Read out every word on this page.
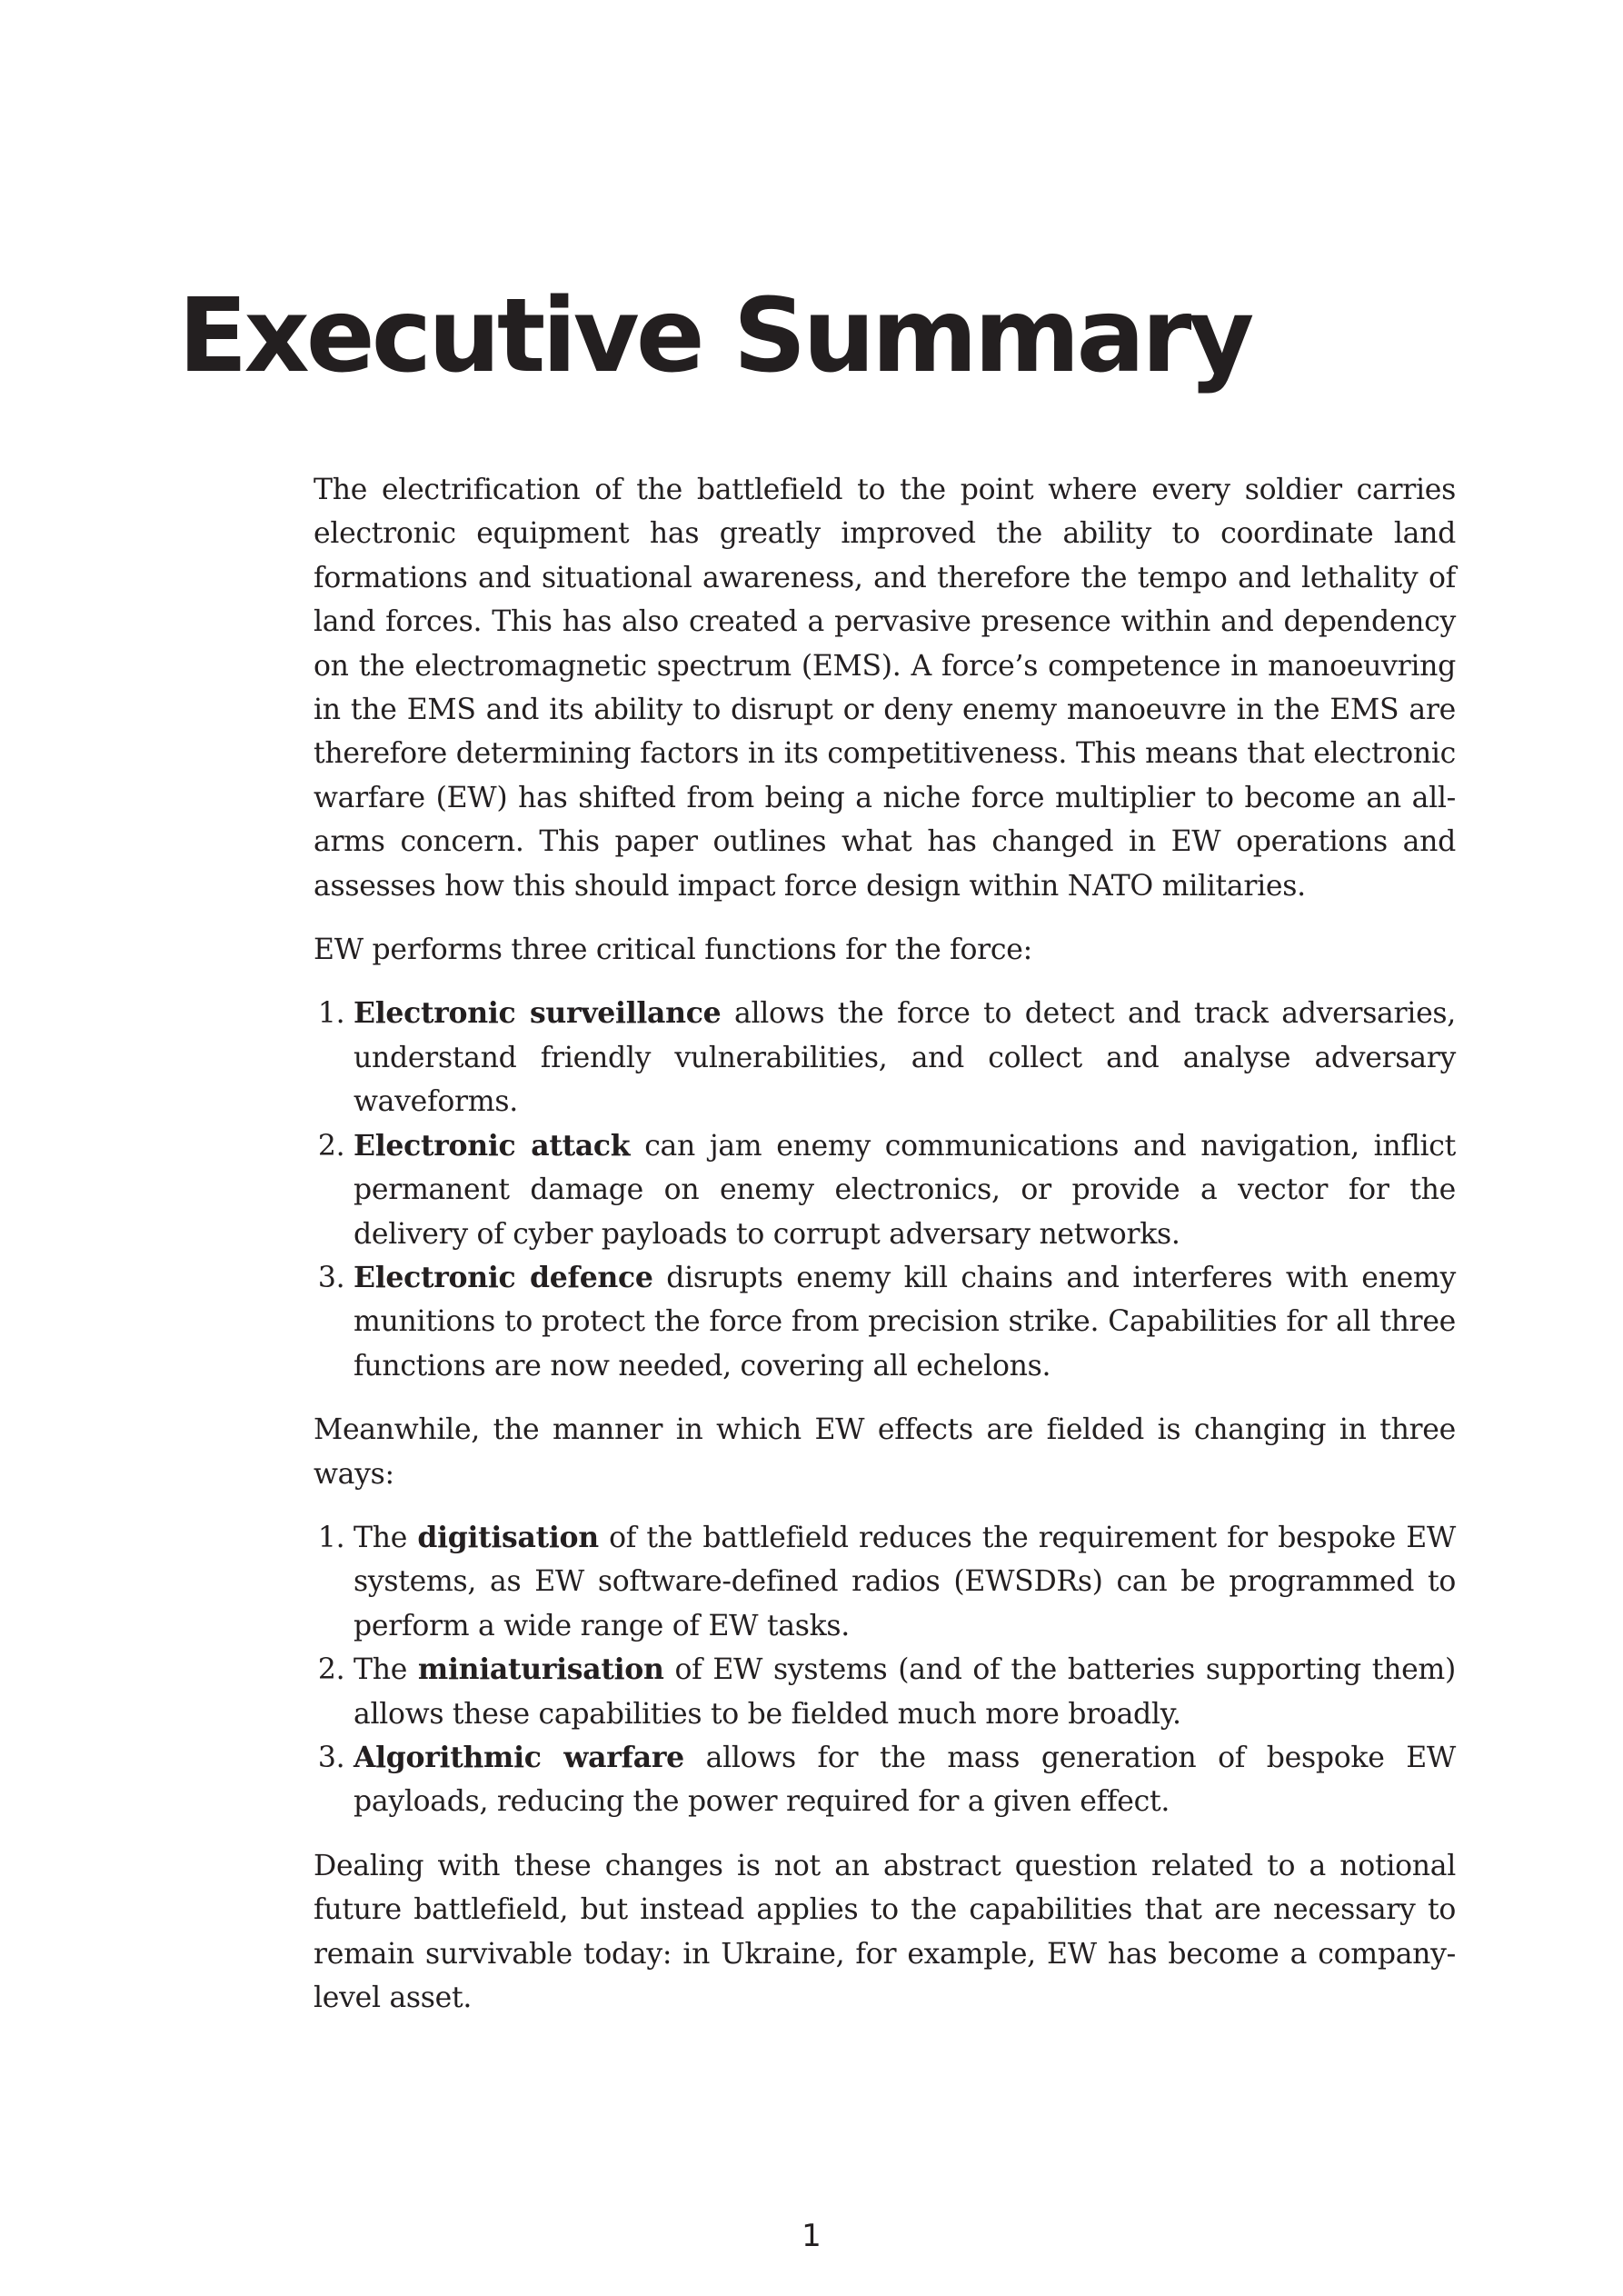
Executive Summary

The electrification of the battlefield to the point where every soldier carries electronic equipment has greatly improved the ability to coordinate land formations and situational awareness, and therefore the tempo and lethality of land forces. This has also created a pervasive presence within and dependency on the electromagnetic spectrum (EMS). A force’s competence in manoeuvring in the EMS and its ability to disrupt or deny enemy manoeuvre in the EMS are therefore determining factors in its competitiveness. This means that electronic warfare (EW) has shifted from being a niche force multiplier to become an all-arms concern. This paper outlines what has changed in EW operations and assesses how this should impact force design within NATO militaries.

EW performs three critical functions for the force:

1. Electronic surveillance allows the force to detect and track adversaries, understand friendly vulnerabilities, and collect and analyse adversary waveforms.
2. Electronic attack can jam enemy communications and navigation, inflict permanent damage on enemy electronics, or provide a vector for the delivery of cyber payloads to corrupt adversary networks.
3. Electronic defence disrupts enemy kill chains and interferes with enemy munitions to protect the force from precision strike. Capabilities for all three functions are now needed, covering all echelons.

Meanwhile, the manner in which EW effects are fielded is changing in three ways:

1. The digitisation of the battlefield reduces the requirement for bespoke EW systems, as EW software-defined radios (EWSDRs) can be programmed to perform a wide range of EW tasks.
2. The miniaturisation of EW systems (and of the batteries supporting them) allows these capabilities to be fielded much more broadly.
3. Algorithmic warfare allows for the mass generation of bespoke EW payloads, reducing the power required for a given effect.

Dealing with these changes is not an abstract question related to a notional future battlefield, but instead applies to the capabilities that are necessary to remain survivable today: in Ukraine, for example, EW has become a company-level asset.

1
